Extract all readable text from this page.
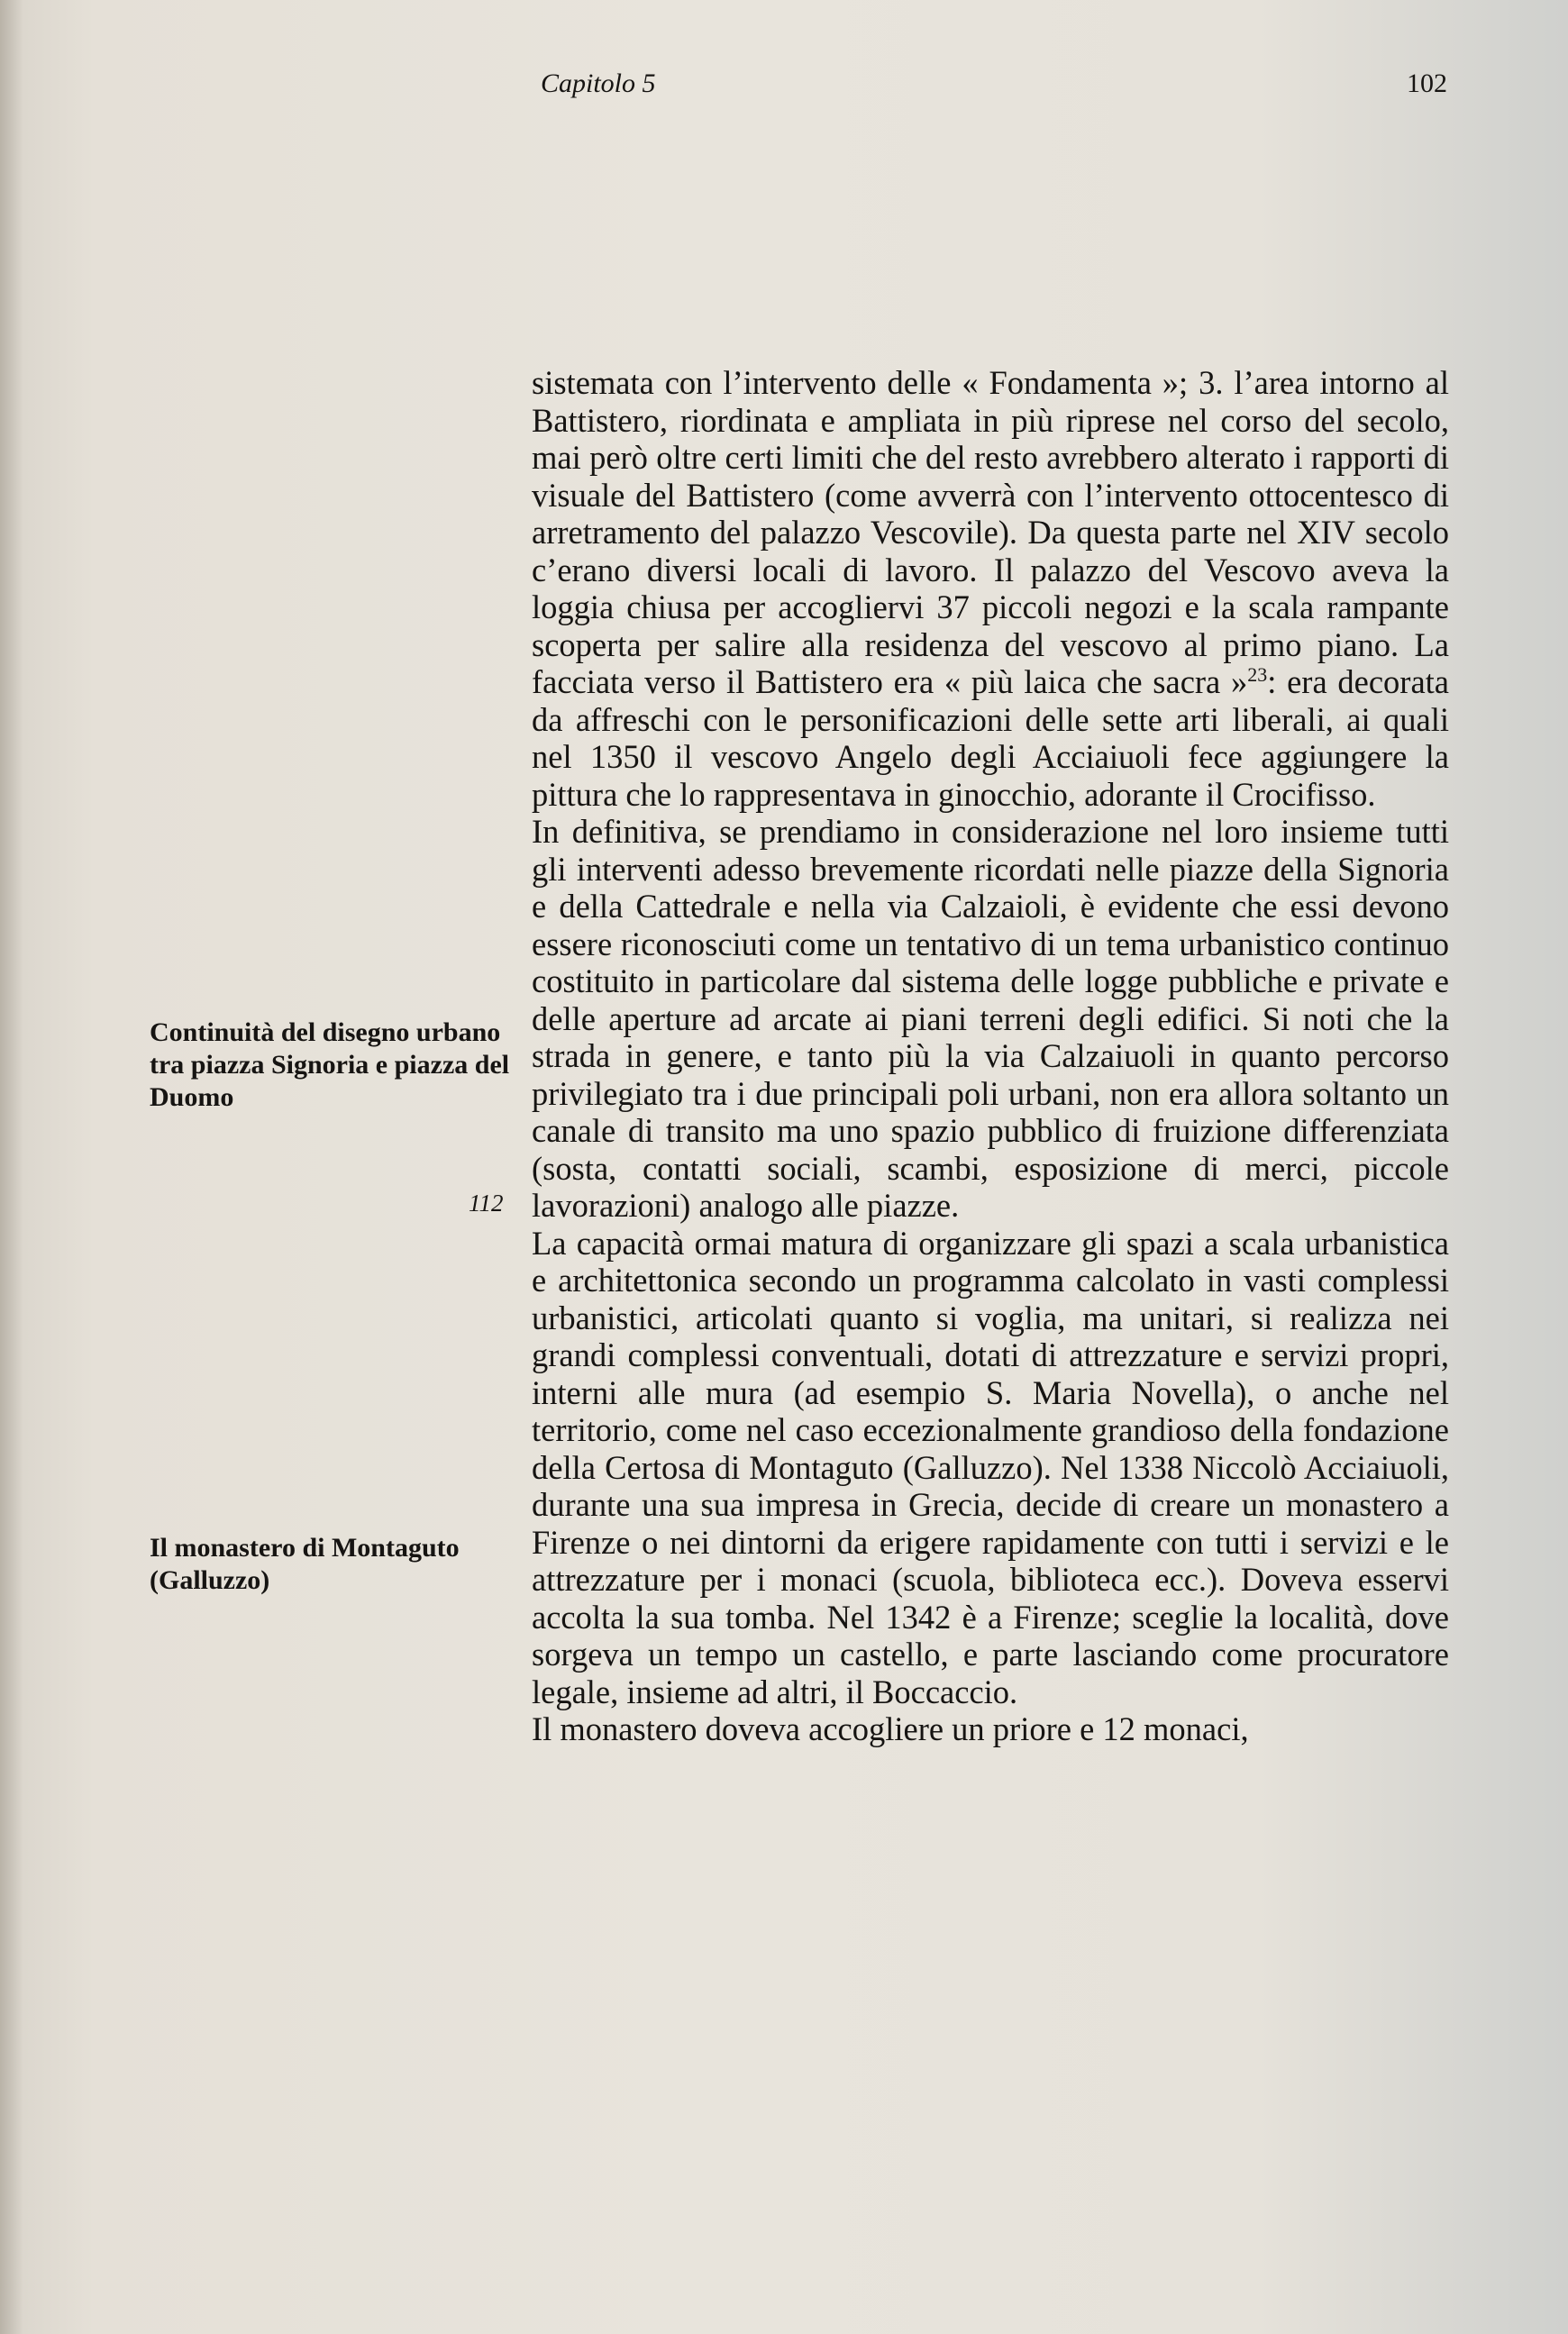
Capitolo 5	102
Continuità del disegno urbano tra piazza Signoria e piazza del Duomo
112
Il monastero di Montaguto (Galluzzo)

sistemata con l’intervento delle « Fondamenta »; 3. l’area intorno al Battistero, riordinata e ampliata in più riprese nel corso del secolo, mai però oltre certi limiti che del resto avrebbero alterato i rapporti di visuale del Battistero (come avverrà con l’intervento ottocentesco di arretramento del palazzo Vescovile). Da questa parte nel XIV secolo c’erano diversi locali di lavoro. Il palazzo del Vescovo aveva la loggia chiusa per accogliervi 37 piccoli negozi e la scala rampante scoperta per salire alla residenza del vescovo al primo piano. La facciata verso il Battistero era « più laica che sacra »$^{23}$: era decorata da affreschi con le personificazioni delle sette arti liberali, ai quali nel 1350 il vescovo Angelo degli Acciaiuoli fece aggiungere la pittura che lo rappresentava in ginocchio, adorante il Crocifisso.

In definitiva, se prendiamo in considerazione nel loro insieme tutti gli interventi adesso brevemente ricordati nelle piazze della Signoria e della Cattedrale e nella via Calzaioli, è evidente che essi devono essere riconosciuti come un tentativo di un tema urbanistico continuo costituito in particolare dal sistema delle logge pubbliche e private e delle aperture ad arcate ai piani terreni degli edifici. Si noti che la strada in genere, e tanto più la via Calzaiuoli in quanto percorso privilegiato tra i due principali poli urbani, non era allora soltanto un canale di transito ma uno spazio pubblico di fruizione differenziata (sosta, contatti sociali, scambi, esposizione di merci, piccole lavorazioni) analogo alle piazze.

La capacità ormai matura di organizzare gli spazi a scala urbanistica e architettonica secondo un programma calcolato in vasti complessi urbanistici, articolati quanto si voglia, ma unitari, si realizza nei grandi complessi conventuali, dotati di attrezzature e servizi propri, interni alle mura (ad esempio S. Maria Novella), o anche nel territorio, come nel caso eccezionalmente grandioso della fondazione della Certosa di Montaguto (Galluzzo). Nel 1338 Niccolò Acciaiuoli, durante una sua impresa in Grecia, decide di creare un monastero a Firenze o nei dintorni da erigere rapidamente con tutti i servizi e le attrezzature per i monaci (scuola, biblioteca ecc.). Doveva esservi accolta la sua tomba. Nel 1342 è a Firenze; sceglie la località, dove sorgeva un tempo un castello, e parte lasciando come procuratore legale, insieme ad altri, il Boccaccio.

Il monastero doveva accogliere un priore e 12 monaci,
